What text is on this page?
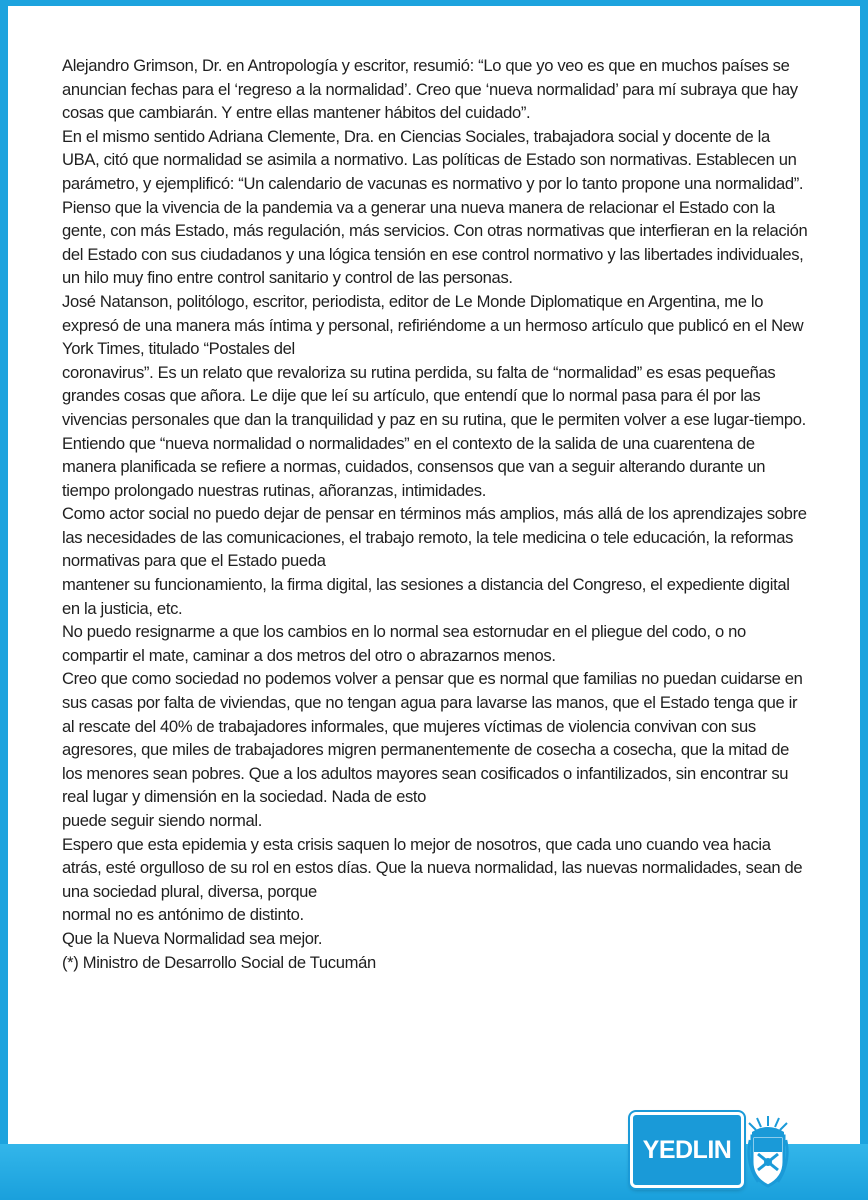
Alejandro Grimson, Dr. en Antropología y escritor, resumió: “Lo que yo veo es que en muchos países se anuncian fechas para el ‘regreso a la normalidad’. Creo que ‘nueva normalidad’ para mí subraya que hay cosas que cambiarán. Y entre ellas mantener hábitos del cuidado”.

En el mismo sentido Adriana Clemente, Dra. en Ciencias Sociales, trabajadora social y docente de la UBA, citó que normalidad se asimila a normativo. Las políticas de Estado son normativas. Establecen un parámetro, y ejemplificó: “Un calendario de vacunas es normativo y por lo tanto propone una normalidad”.

Pienso que la vivencia de la pandemia va a generar una nueva manera de relacionar el Estado con la gente, con más Estado, más regulación, más servicios. Con otras normativas que interfieran en la relación del Estado con sus ciudadanos y una lógica tensión en ese control normativo y las libertades individuales, un hilo muy fino entre control sanitario y control de las personas.

José Natanson, politólogo, escritor, periodista, editor de Le Monde Diplomatique en Argentina, me lo expresó de una manera más íntima y personal, refiriéndome a un hermoso artículo que publicó en el New York Times, titulado “Postales del

coronavirus”. Es un relato que revaloriza su rutina perdida, su falta de “normalidad” es esas pequeñas grandes cosas que añora. Le dije que leí su artículo, que entendí que lo normal pasa para él por las vivencias personales que dan la tranquilidad y paz en su rutina, que le permiten volver a ese lugar-tiempo.

Entiendo que “nueva normalidad o normalidades” en el contexto de la salida de una cuarentena de manera planificada se refiere a normas, cuidados, consensos que van a seguir alterando durante un tiempo prolongado nuestras rutinas, añoranzas, intimidades.

Como actor social no puedo dejar de pensar en términos más amplios, más allá de los aprendizajes sobre las necesidades de las comunicaciones, el trabajo remoto, la tele medicina o tele educación, la reformas normativas para que el Estado pueda

mantener su funcionamiento, la firma digital, las sesiones a distancia del Congreso, el expediente digital en la justicia, etc.

No puedo resignarme a que los cambios en lo normal sea estornudar en el pliegue del codo, o no compartir el mate, caminar a dos metros del otro o abrazarnos menos.

Creo que como sociedad no podemos volver a pensar que es normal que familias no puedan cuidarse en sus casas por falta de viviendas, que no tengan agua para lavarse las manos, que el Estado tenga que ir al rescate del 40% de trabajadores informales, que mujeres víctimas de violencia convivan con sus agresores, que miles de trabajadores migren permanentemente de cosecha a cosecha, que la mitad de los menores sean pobres. Que a los adultos mayores sean cosificados o infantilizados, sin encontrar su real lugar y dimensión en la sociedad. Nada de esto

puede seguir siendo normal.

Espero que esta epidemia y esta crisis saquen lo mejor de nosotros, que cada uno cuando vea hacia atrás, esté orgulloso de su rol en estos días. Que la nueva normalidad, las nuevas normalidades, sean de una sociedad plural, diversa, porque

normal no es antónimo de distinto.

Que la Nueva Normalidad sea mejor.

(*) Ministro de Desarrollo Social de Tucumán

YEDLIN
